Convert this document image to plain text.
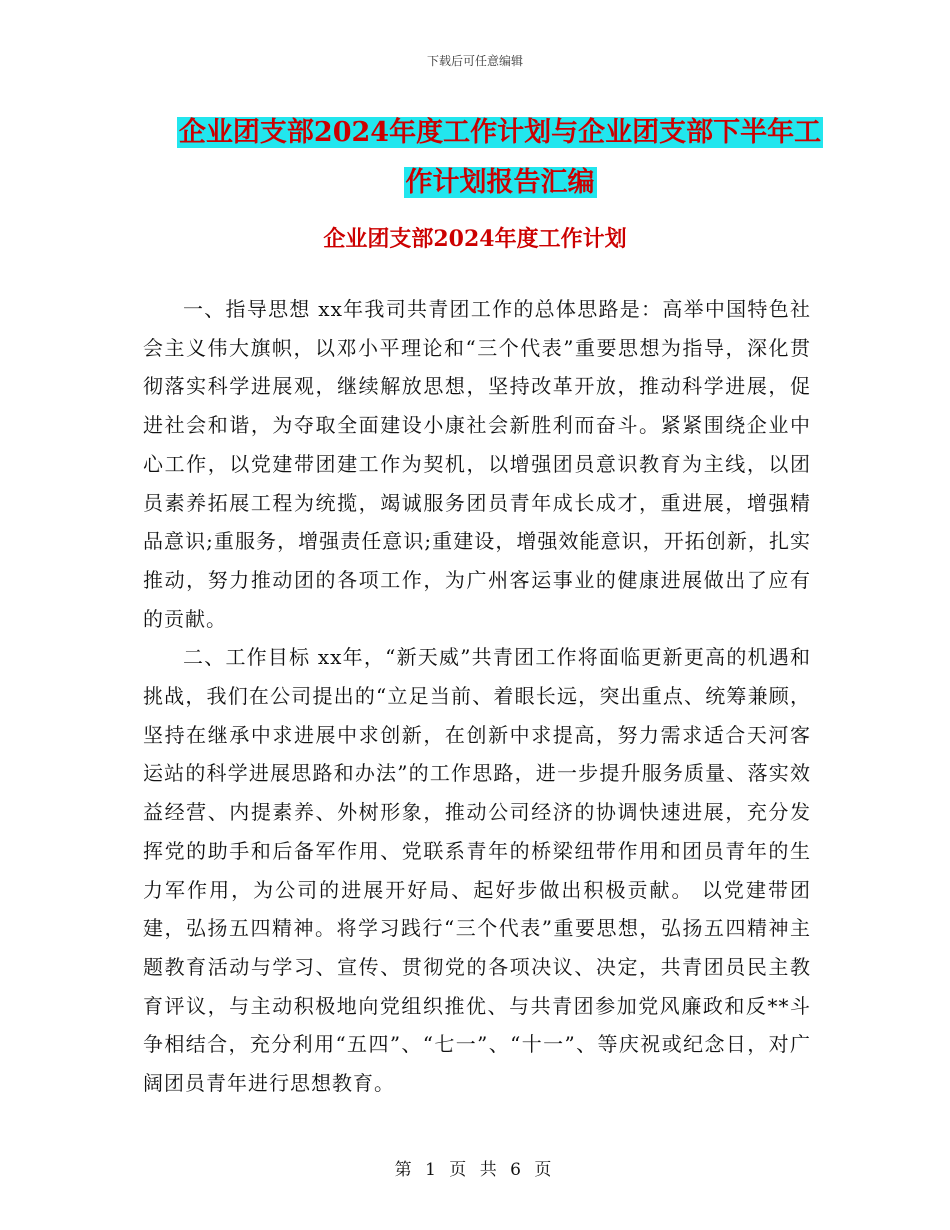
下载后可任意编辑
企业团支部2024年度工作计划与企业团支部下半年工
作计划报告汇编
企业团支部2024年度工作计划

一、指导思想 xx年我司共青团工作的总体思路是：高举中国特色社会主义伟大旗帜，以邓小平理论和“三个代表”重要思想为指导，深化贯彻落实科学进展观，继续解放思想，坚持改革开放，推动科学进展，促进社会和谐，为夺取全面建设小康社会新胜利而奋斗。紧紧围绕企业中心工作，以党建带团建工作为契机，以增强团员意识教育为主线，以团员素养拓展工程为统揽，竭诚服务团员青年成长成才，重进展，增强精品意识;重服务，增强责任意识;重建设，增强效能意识，开拓创新，扎实推动，努力推动团的各项工作，为广州客运事业的健康进展做出了应有的贡献。

二、工作目标 xx年，“新天威”共青团工作将面临更新更高的机遇和挑战，我们在公司提出的“立足当前、着眼长远，突出重点、统筹兼顾，坚持在继承中求进展中求创新，在创新中求提高，努力需求适合天河客运站的科学进展思路和办法”的工作思路，进一步提升服务质量、落实效益经营、内提素养、外树形象，推动公司经济的协调快速进展，充分发挥党的助手和后备军作用、党联系青年的桥梁纽带作用和团员青年的生力军作用，为公司的进展开好局、起好步做出积极贡献。 以党建带团建，弘扬五四精神。将学习践行“三个代表”重要思想，弘扬五四精神主题教育活动与学习、宣传、贯彻党的各项决议、决定，共青团员民主教育评议，与主动积极地向党组织推优、与共青团参加党风廉政和反**斗争相结合，充分利用“五四”、“七一”、“十一”、等庆祝或纪念日，对广阔团员青年进行思想教育。

第 1 页 共 6 页
